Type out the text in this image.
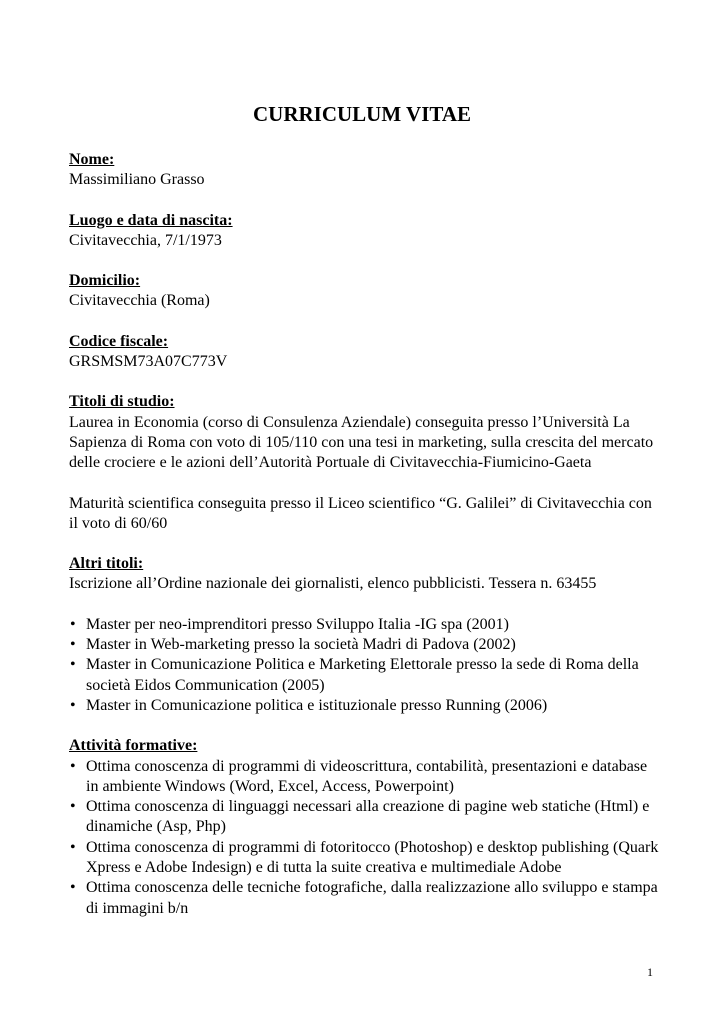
CURRICULUM VITAE

Nome:

Massimiliano Grasso

Luogo e data di nascita:

Civitavecchia, 7/1/1973

Domicilio:

Civitavecchia (Roma)

Codice fiscale:

GRSMSM73A07C773V

Titoli di studio:

Laurea in Economia (corso di Consulenza Aziendale) conseguita presso l’Università La Sapienza di Roma con voto di 105/110 con una tesi in marketing, sulla crescita del mercato delle crociere e le azioni dell’Autorità Portuale di Civitavecchia-Fiumicino-Gaeta

Maturità scientifica conseguita presso il Liceo scientifico “G. Galilei” di Civitavecchia con il voto di 60/60

Altri titoli:

Iscrizione all’Ordine nazionale dei giornalisti, elenco pubblicisti. Tessera n. 63455

• Master per neo-imprenditori presso Sviluppo Italia -IG spa (2001)
• Master in Web-marketing presso la società Madri di Padova (2002)
• Master in Comunicazione Politica e Marketing Elettorale presso la sede di Roma della società Eidos Communication (2005)
• Master in Comunicazione politica e istituzionale presso Running (2006)

Attività formative:

• Ottima conoscenza di programmi di videoscrittura, contabilità, presentazioni e database in ambiente Windows (Word, Excel, Access, Powerpoint)
• Ottima conoscenza di linguaggi necessari alla creazione di pagine web statiche (Html) e dinamiche (Asp, Php)
• Ottima conoscenza di programmi di fotoritocco (Photoshop) e desktop publishing (Quark Xpress e Adobe Indesign) e di tutta la suite creativa e multimediale Adobe
• Ottima conoscenza delle tecniche fotografiche, dalla realizzazione allo sviluppo e stampa di immagini b/n
1
